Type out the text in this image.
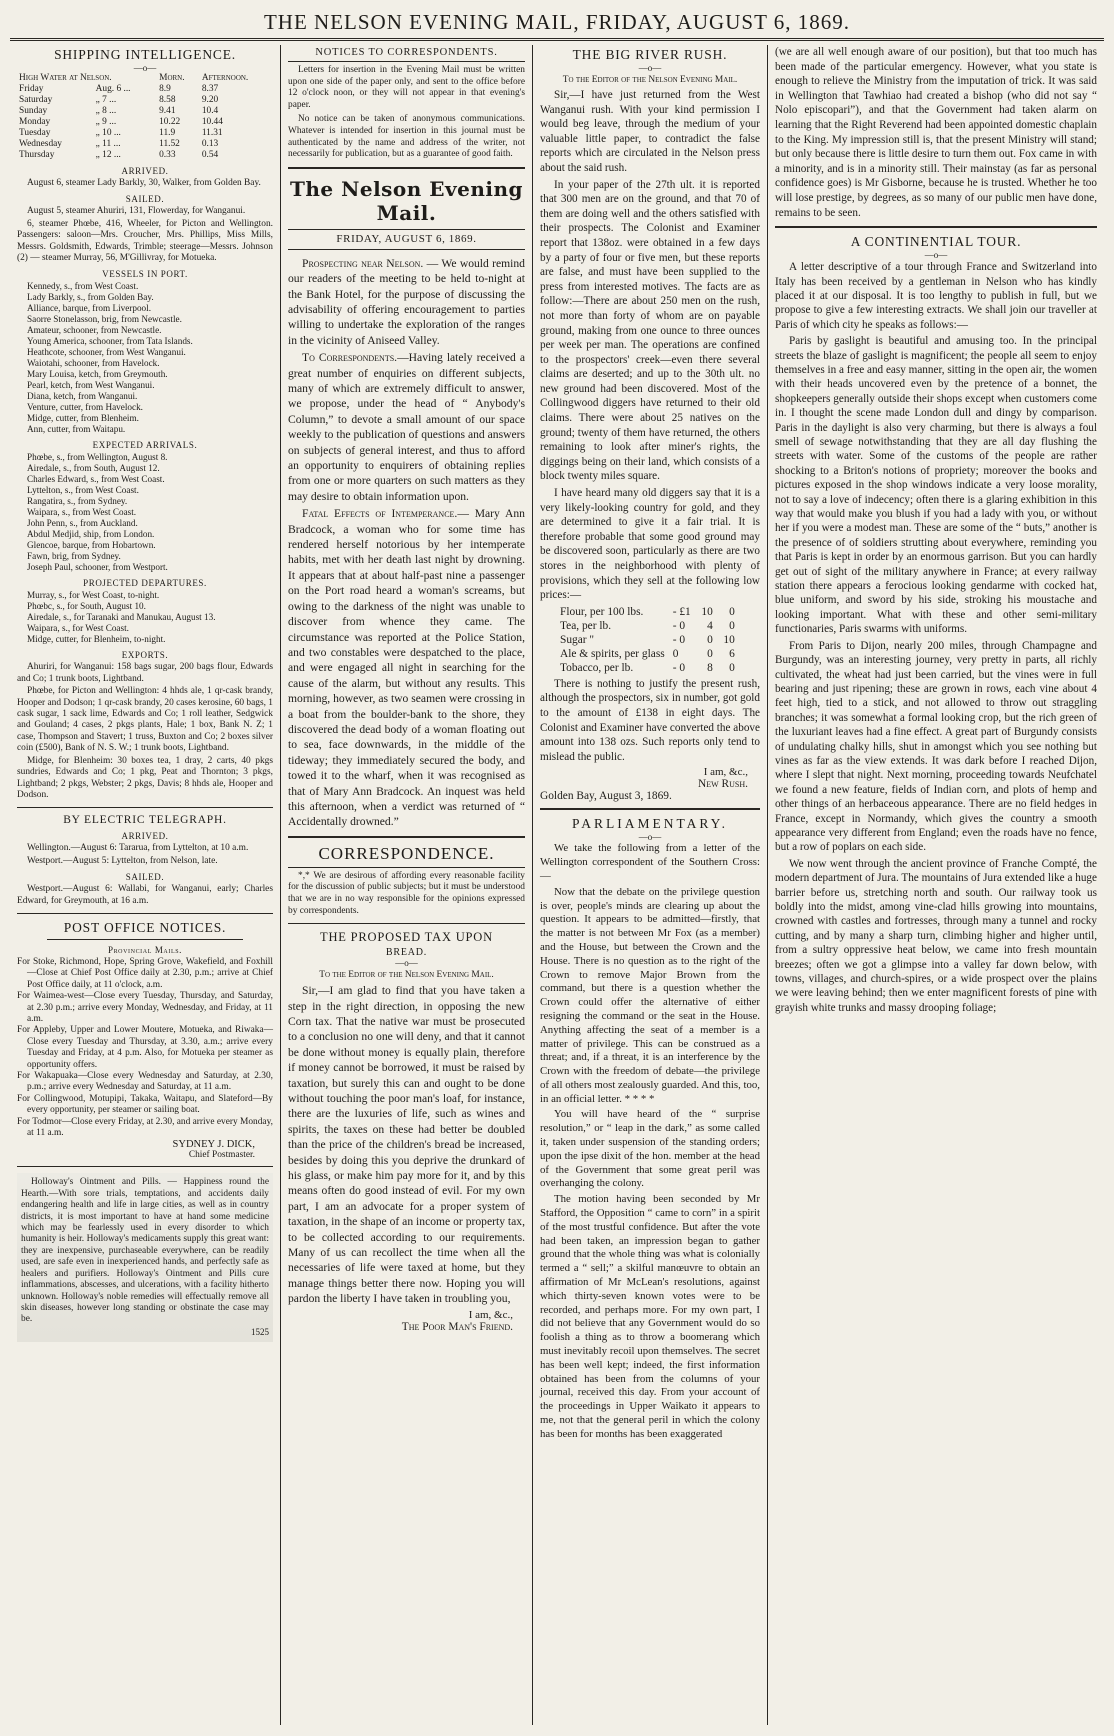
THE NELSON EVENING MAIL, FRIDAY, AUGUST 6, 1869.
SHIPPING INTELLIGENCE.
—o—
High Water at Nelson.		Morn.	Afternoon.
Friday	Aug. 6 ...	8.9	8.37
Saturday	„ 7 ...	8.58	9.20
Sunday	„ 8 ...	9.41	10.4
Monday	„ 9 ...	10.22	10.44
Tuesday	„ 10 ...	11.9	11.31
Wednesday	„ 11 ...	11.52	0.13
Thursday	„ 12 ...	0.33	0.54
ARRIVED.

August 6, steamer Lady Barkly, 30, Walker, from Golden Bay.

SAILED.

August 5, steamer Ahuriri, 131, Flowerday, for Wanganui.

6, steamer Phœbe, 416, Wheeler, for Picton and Wellington. Passengers: saloon—Mrs. Croucher, Mrs. Phillips, Miss Mills, Messrs. Goldsmith, Edwards, Trimble; steerage—Messrs. Johnson (2) — steamer Murray, 56, M'Gillivray, for Motueka.

VESSELS IN PORT.
Kennedy, s., from West Coast.
Lady Barkly, s., from Golden Bay.
Alliance, barque, from Liverpool.
Saorre Stonelasson, brig, from Newcastle.
Amateur, schooner, from Newcastle.
Young America, schooner, from Tata Islands.
Heathcote, schooner, from West Wanganui.
Waiotahi, schooner, from Havelock.
Mary Louisa, ketch, from Greymouth.
Pearl, ketch, from West Wanganui.
Diana, ketch, from Wanganui.
Venture, cutter, from Havelock.
Midge, cutter, from Blenheim.
Ann, cutter, from Waitapu.
EXPECTED ARRIVALS.
Phœbe, s., from Wellington, August 8.
Airedale, s., from South, August 12.
Charles Edward, s., from West Coast.
Lyttelton, s., from West Coast.
Rangatira, s., from Sydney.
Waipara, s., from West Coast.
John Penn, s., from Auckland.
Abdul Medjid, ship, from London.
Glencoe, barque, from Hobartown.
Fawn, brig, from Sydney.
Joseph Paul, schooner, from Westport.
PROJECTED DEPARTURES.
Murray, s., for West Coast, to-night.
Phœbc, s., for South, August 10.
Airedale, s., for Taranaki and Manukau, August 13.
Waipara, s., for West Coast.
Midge, cutter, for Blenheim, to-night.
EXPORTS.

Ahuriri, for Wanganui: 158 bags sugar, 200 bags flour, Edwards and Co; 1 trunk boots, Lightband.

Phœbe, for Picton and Wellington: 4 hhds ale, 1 qr-cask brandy, Hooper and Dodson; 1 qr-cask brandy, 20 cases kerosine, 60 bags, 1 cask sugar, 1 sack lime, Edwards and Co; 1 roll leather, Sedgwick and Gouland; 4 cases, 2 pkgs plants, Hale; 1 box, Bank N. Z; 1 case, Thompson and Stavert; 1 truss, Buxton and Co; 2 boxes silver coin (£500), Bank of N. S. W.; 1 trunk boots, Lightband.

Midge, for Blenheim: 30 boxes tea, 1 dray, 2 carts, 40 pkgs sundries, Edwards and Co; 1 pkg, Peat and Thornton; 3 pkgs, Lightband; 2 pkgs, Webster; 2 pkgs, Davis; 8 hhds ale, Hooper and Dodson.

BY ELECTRIC TELEGRAPH.
ARRIVED.

Wellington.—August 6: Tararua, from Lyttelton, at 10 a.m.

Westport.—August 5: Lyttelton, from Nelson, late.

SAILED.

Westport.—August 6: Wallabi, for Wanganui, early; Charles Edward, for Greymouth, at 16 a.m.

POST OFFICE NOTICES.
Provincial Mails.

For Stoke, Richmond, Hope, Spring Grove, Wakefield, and Foxhill—Close at Chief Post Office daily at 2.30, p.m.; arrive at Chief Post Office daily, at 11 o'clock, a.m.

For Waimea-west—Close every Tuesday, Thursday, and Saturday, at 2.30 p.m.; arrive every Monday, Wednesday, and Friday, at 11 a.m.

For Appleby, Upper and Lower Moutere, Motueka, and Riwaka—Close every Tuesday and Thursday, at 3.30, a.m.; arrive every Tuesday and Friday, at 4 p.m. Also, for Motueka per steamer as opportunity offers.

For Wakapuaka—Close every Wednesday and Saturday, at 2.30, p.m.; arrive every Wednesday and Saturday, at 11 a.m.

For Collingwood, Motupipi, Takaka, Waitapu, and Slateford—By every opportunity, per steamer or sailing boat.

For Todmor—Close every Friday, at 2.30, and arrive every Monday, at 11 a.m.

SYDNEY J. DICK,
Chief Postmaster.

Holloway's Ointment and Pills. — Happiness round the Hearth.—With sore trials, temptations, and accidents daily endangering health and life in large cities, as well as in country districts, it is most important to have at hand some medicine which may be fearlessly used in every disorder to which humanity is heir. Holloway's medicaments supply this great want: they are inexpensive, purchaseable everywhere, can be readily used, are safe even in inexperienced hands, and perfectly safe as healers and purifiers. Holloway's Ointment and Pills cure inflammations, abscesses, and ulcerations, with a facility hitherto unknown. Holloway's noble remedies will effectually remove all skin diseases, however long standing or obstinate the case may be.

1525
NOTICES TO CORRESPONDENTS.

Letters for insertion in the Evening Mail must be written upon one side of the paper only, and sent to the office before 12 o'clock noon, or they will not appear in that evening's paper.

No notice can be taken of anonymous communications. Whatever is intended for insertion in this journal must be authenticated by the name and address of the writer, not necessarily for publication, but as a guarantee of good faith.

The Nelson Evening Mail.
FRIDAY, AUGUST 6, 1869.

Prospecting near Nelson. — We would remind our readers of the meeting to be held to-night at the Bank Hotel, for the purpose of discussing the advisability of offering encouragement to parties willing to undertake the exploration of the ranges in the vicinity of Aniseed Valley.

To Correspondents.—Having lately received a great number of enquiries on different subjects, many of which are extremely difficult to answer, we propose, under the head of “ Anybody's Column,” to devote a small amount of our space weekly to the publication of questions and answers on subjects of general interest, and thus to afford an opportunity to enquirers of obtaining replies from one or more quarters on such matters as they may desire to obtain information upon.

Fatal Effects of Intemperance.— Mary Ann Bradcock, a woman who for some time has rendered herself notorious by her intemperate habits, met with her death last night by drowning. It appears that at about half-past nine a passenger on the Port road heard a woman's screams, but owing to the darkness of the night was unable to discover from whence they came. The circumstance was reported at the Police Station, and two constables were despatched to the place, and were engaged all night in searching for the cause of the alarm, but without any results. This morning, however, as two seamen were crossing in a boat from the boulder-bank to the shore, they discovered the dead body of a woman floating out to sea, face downwards, in the middle of the tideway; they immediately secured the body, and towed it to the wharf, when it was recognised as that of Mary Ann Bradcock. An inquest was held this afternoon, when a verdict was returned of “ Accidentally drowned.”

CORRESPONDENCE.

*,* We are desirous of affording every reasonable facility for the discussion of public subjects; but it must be understood that we are in no way responsible for the opinions expressed by correspondents.

THE PROPOSED TAX UPON
BREAD.
—o—
To the Editor of the Nelson Evening Mail.

Sir,—I am glad to find that you have taken a step in the right direction, in opposing the new Corn tax. That the native war must be prosecuted to a conclusion no one will deny, and that it cannot be done without money is equally plain, therefore if money cannot be borrowed, it must be raised by taxation, but surely this can and ought to be done without touching the poor man's loaf, for instance, there are the luxuries of life, such as wines and spirits, the taxes on these had better be doubled than the price of the children's bread be increased, besides by doing this you deprive the drunkard of his glass, or make him pay more for it, and by this means often do good instead of evil. For my own part, I am an advocate for a proper system of taxation, in the shape of an income or property tax, to be collected according to our requirements. Many of us can recollect the time when all the necessaries of life were taxed at home, but they manage things better there now. Hoping you will pardon the liberty I have taken in troubling you,

I am, &c.,
The Poor Man's Friend.
THE BIG RIVER RUSH.
—o—
To the Editor of the Nelson Evening Mail.

Sir,—I have just returned from the West Wanganui rush. With your kind permission I would beg leave, through the medium of your valuable little paper, to contradict the false reports which are circulated in the Nelson press about the said rush.

In your paper of the 27th ult. it is reported that 300 men are on the ground, and that 70 of them are doing well and the others satisfied with their prospects. The Colonist and Examiner report that 138oz. were obtained in a few days by a party of four or five men, but these reports are false, and must have been supplied to the press from interested motives. The facts are as follow:—There are about 250 men on the rush, not more than forty of whom are on payable ground, making from one ounce to three ounces per week per man. The operations are confined to the prospectors' creek—even there several claims are deserted; and up to the 30th ult. no new ground had been discovered. Most of the Collingwood diggers have returned to their old claims. There were about 25 natives on the ground; twenty of them have returned, the others remaining to look after miner's rights, the diggings being on their land, which consists of a block twenty miles square.

I have heard many old diggers say that it is a very likely-looking country for gold, and they are determined to give it a fair trial. It is therefore probable that some good ground may be discovered soon, particularly as there are two stores in the neighborhood with plenty of provisions, which they sell at the following low prices:—

Flour, per 100 lbs.	- £1	10	0
Tea, per lb.	- 0	4	0
Sugar "	- 0	0	10
Ale & spirits, per glass	0	0	6
Tobacco, per lb.	- 0	8	0

There is nothing to justify the present rush, although the prospectors, six in number, got gold to the amount of £138 in eight days. The Colonist and Examiner have converted the above amount into 138 ozs. Such reports only tend to mislead the public.

I am, &c.,
New Rush.
Golden Bay, August 3, 1869.
PARLIAMENTARY.
—o—

We take the following from a letter of the Wellington correspondent of the Southern Cross:—

Now that the debate on the privilege question is over, people's minds are clearing up about the question. It appears to be admitted—firstly, that the matter is not between Mr Fox (as a member) and the House, but between the Crown and the House. There is no question as to the right of the Crown to remove Major Brown from the command, but there is a question whether the Crown could offer the alternative of either resigning the command or the seat in the House. Anything affecting the seat of a member is a matter of privilege. This can be construed as a threat; and, if a threat, it is an interference by the Crown with the freedom of debate—the privilege of all others most zealously guarded. And this, too, in an official letter. * * * *

You will have heard of the “ surprise resolution,” or “ leap in the dark,” as some called it, taken under suspension of the standing orders; upon the ipse dixit of the hon. member at the head of the Government that some great peril was overhanging the colony.

The motion having been seconded by Mr Stafford, the Opposition “ came to corn” in a spirit of the most trustful confidence. But after the vote had been taken, an impression began to gather ground that the whole thing was what is colonially termed a “ sell;” a skilful manœuvre to obtain an affirmation of Mr McLean's resolutions, against which thirty-seven known votes were to be recorded, and perhaps more. For my own part, I did not believe that any Government would do so foolish a thing as to throw a boomerang which must inevitably recoil upon themselves. The secret has been well kept; indeed, the first information obtained has been from the columns of your journal, received this day. From your account of the proceedings in Upper Waikato it appears to me, not that the general peril in which the colony has been for months has been exaggerated

(we are all well enough aware of our position), but that too much has been made of the particular emergency. However, what you state is enough to relieve the Ministry from the imputation of trick. It was said in Wellington that Tawhiao had created a bishop (who did not say “ Nolo episcopari”), and that the Government had taken alarm on learning that the Right Reverend had been appointed domestic chaplain to the King. My impression still is, that the present Ministry will stand; but only because there is little desire to turn them out. Fox came in with a minority, and is in a minority still. Their mainstay (as far as personal confidence goes) is Mr Gisborne, because he is trusted. Whether he too will lose prestige, by degrees, as so many of our public men have done, remains to be seen.

A CONTINENTIAL TOUR.
—o—

A letter descriptive of a tour through France and Switzerland into Italy has been received by a gentleman in Nelson who has kindly placed it at our disposal. It is too lengthy to publish in full, but we propose to give a few interesting extracts. We shall join our traveller at Paris of which city he speaks as follows:—

Paris by gaslight is beautiful and amusing too. In the principal streets the blaze of gaslight is magnificent; the people all seem to enjoy themselves in a free and easy manner, sitting in the open air, the women with their heads uncovered even by the pretence of a bonnet, the shopkeepers generally outside their shops except when customers come in. I thought the scene made London dull and dingy by comparison. Paris in the daylight is also very charming, but there is always a foul smell of sewage notwithstanding that they are all day flushing the streets with water. Some of the customs of the people are rather shocking to a Briton's notions of propriety; moreover the books and pictures exposed in the shop windows indicate a very loose morality, not to say a love of indecency; often there is a glaring exhibition in this way that would make you blush if you had a lady with you, or without her if you were a modest man. These are some of the “ buts,” another is the presence of of soldiers strutting about everywhere, reminding you that Paris is kept in order by an enormous garrison. But you can hardly get out of sight of the military anywhere in France; at every railway station there appears a ferocious looking gendarme with cocked hat, blue uniform, and sword by his side, stroking his moustache and looking important. What with these and other semi-military functionaries, Paris swarms with uniforms.

From Paris to Dijon, nearly 200 miles, through Champagne and Burgundy, was an interesting journey, very pretty in parts, all richly cultivated, the wheat had just been carried, but the vines were in full bearing and just ripening; these are grown in rows, each vine about 4 feet high, tied to a stick, and not allowed to throw out straggling branches; it was somewhat a formal looking crop, but the rich green of the luxuriant leaves had a fine effect. A great part of Burgundy consists of undulating chalky hills, shut in amongst which you see nothing but vines as far as the view extends. It was dark before I reached Dijon, where I slept that night. Next morning, proceeding towards Neufchatel we found a new feature, fields of Indian corn, and plots of hemp and other things of an herbaceous appearance. There are no field hedges in France, except in Normandy, which gives the country a smooth appearance very different from England; even the roads have no fence, but a row of poplars on each side.

We now went through the ancient province of Franche Compté, the modern department of Jura. The mountains of Jura extended like a huge barrier before us, stretching north and south. Our railway took us boldly into the midst, among vine-clad hills growing into mountains, crowned with castles and fortresses, through many a tunnel and rocky cutting, and by many a sharp turn, climbing higher and higher until, from a sultry oppressive heat below, we came into fresh mountain breezes; often we got a glimpse into a valley far down below, with towns, villages, and church-spires, or a wide prospect over the plains we were leaving behind; then we enter magnificent forests of pine with grayish white trunks and massy drooping foliage;
